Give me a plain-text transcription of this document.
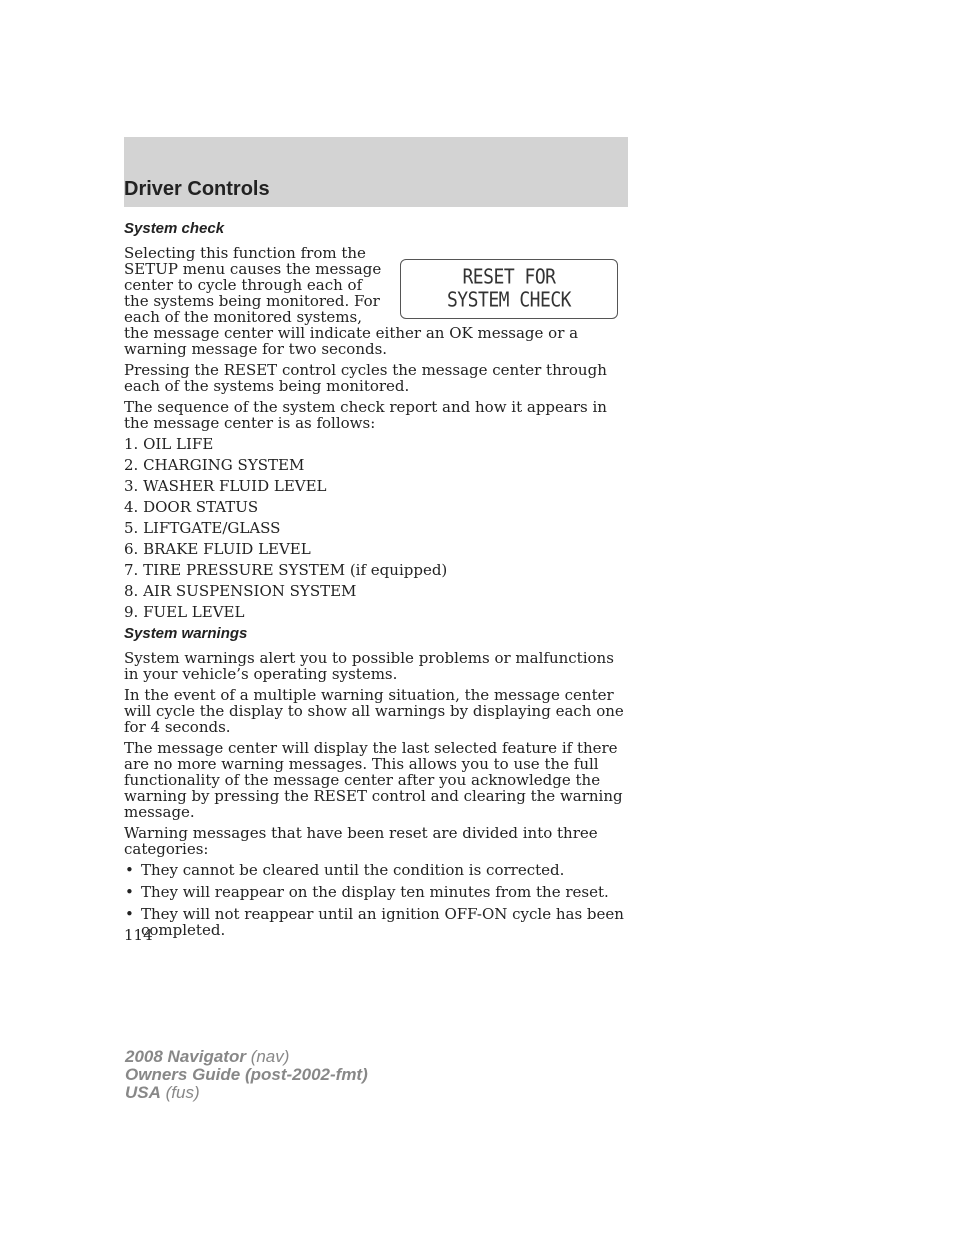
Driver Controls
System check
RESET FOR
SYSTEM CHECK

Selecting this function from the SETUP menu causes the message center to cycle through each of the systems being monitored. For each of the monitored systems, the message center will indicate either an OK message or a warning message for two seconds.

Pressing the RESET control cycles the message center through each of the systems being monitored.

The sequence of the system check report and how it appears in the message center is as follows:

1. OIL LIFE
2. CHARGING SYSTEM
3. WASHER FLUID LEVEL
4. DOOR STATUS
5. LIFTGATE/GLASS
6. BRAKE FLUID LEVEL
7. TIRE PRESSURE SYSTEM (if equipped)
8. AIR SUSPENSION SYSTEM
9. FUEL LEVEL
System warnings

System warnings alert you to possible problems or malfunctions in your vehicle’s operating systems.

In the event of a multiple warning situation, the message center will cycle the display to show all warnings by displaying each one for 4 seconds.

The message center will display the last selected feature if there are no more warning messages. This allows you to use the full functionality of the message center after you acknowledge the warning by pressing the RESET control and clearing the warning message.

Warning messages that have been reset are divided into three categories:

• They cannot be cleared until the condition is corrected.
• They will reappear on the display ten minutes from the reset.
• They will not reappear until an ignition OFF-ON cycle has been completed.

114

2008 Navigator (nav)
Owners Guide (post-2002-fmt)
USA (fus)
